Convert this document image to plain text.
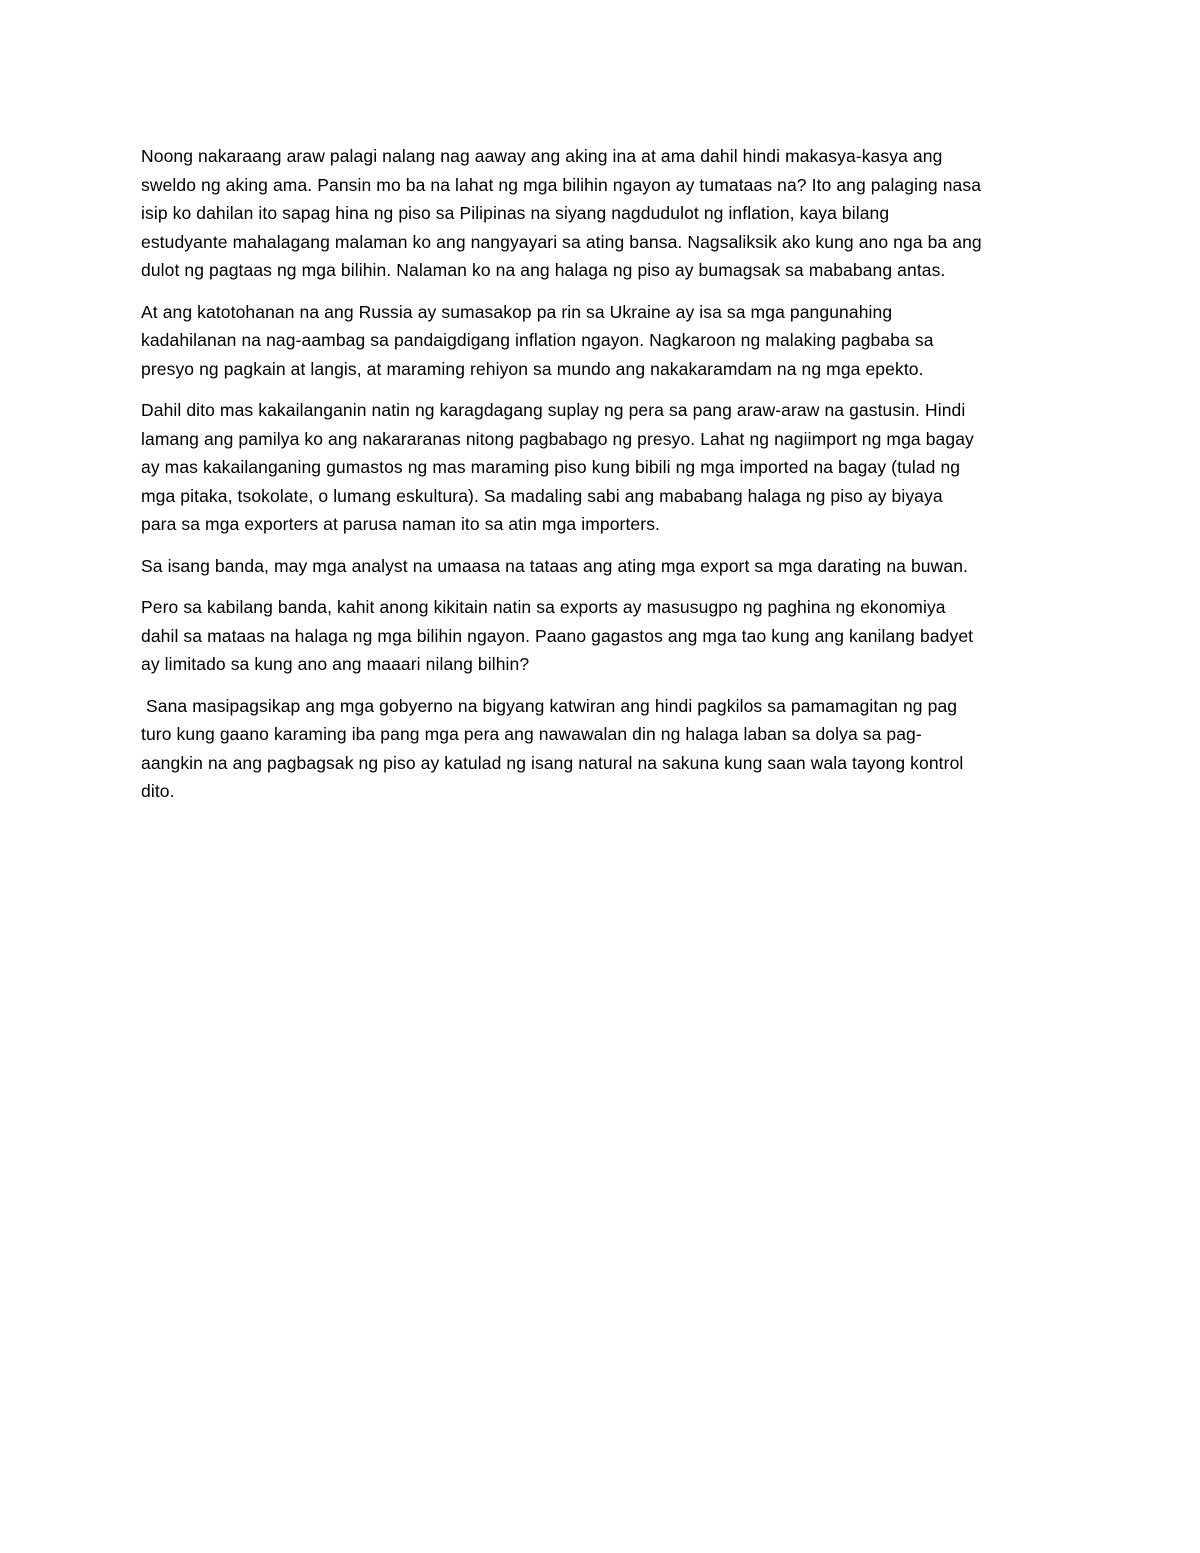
Noong nakaraang araw palagi nalang nag aaway ang aking ina at ama dahil hindi makasya-kasya ang
sweldo ng aking ama. Pansin mo ba na lahat ng mga bilihin ngayon ay tumataas na? Ito ang palaging nasa
isip ko dahilan ito sapag hina ng piso sa Pilipinas na siyang nagdudulot ng inflation, kaya bilang
estudyante mahalagang malaman ko ang nangyayari sa ating bansa. Nagsaliksik ako kung ano nga ba ang
dulot ng pagtaas ng mga bilihin. Nalaman ko na ang halaga ng piso ay bumagsak sa mababang antas.
At ang katotohanan na ang Russia ay sumasakop pa rin sa Ukraine ay isa sa mga pangunahing
kadahilanan na nag-aambag sa pandaigdigang inflation ngayon. Nagkaroon ng malaking pagbaba sa
presyo ng pagkain at langis, at maraming rehiyon sa mundo ang nakakaramdam na ng mga epekto.
Dahil dito mas kakailanganin natin ng karagdagang suplay ng pera sa pang araw-araw na gastusin. Hindi
lamang ang pamilya ko ang nakararanas nitong pagbabago ng presyo. Lahat ng nagiimport ng mga bagay
ay mas kakailanganing gumastos ng mas maraming piso kung bibili ng mga imported na bagay (tulad ng
mga pitaka, tsokolate, o lumang eskultura). Sa madaling sabi ang mababang halaga ng piso ay biyaya
para sa mga exporters at parusa naman ito sa atin mga importers.
Sa isang banda, may mga analyst na umaasa na tataas ang ating mga export sa mga darating na buwan.
Pero sa kabilang banda, kahit anong kikitain natin sa exports ay masusugpo ng paghina ng ekonomiya
dahil sa mataas na halaga ng mga bilihin ngayon. Paano gagastos ang mga tao kung ang kanilang badyet
ay limitado sa kung ano ang maaari nilang bilhin?
Sana masipagsikap ang mga gobyerno na bigyang katwiran ang hindi pagkilos sa pamamagitan ng pag
turo kung gaano karaming iba pang mga pera ang nawawalan din ng halaga laban sa dolya sa pag-
aangkin na ang pagbagsak ng piso ay katulad ng isang natural na sakuna kung saan wala tayong kontrol
dito.
